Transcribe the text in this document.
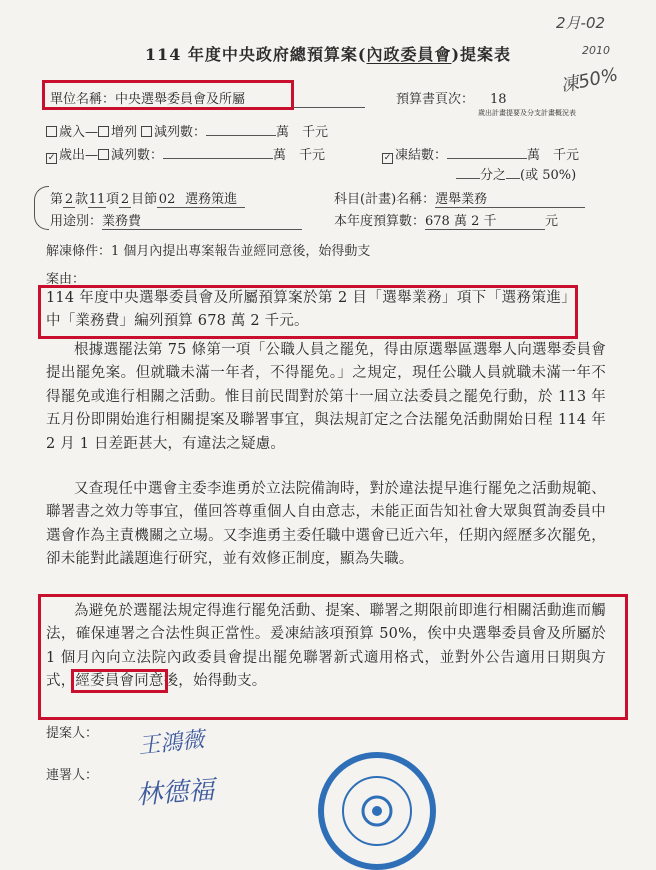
2月-02
2010
凍50%
114 年度中央政府總預算案(內政委員會)提案表
單位名稱：中央選舉委員會及所屬	預算書頁次： 18
歲出計畫提要及分支計畫概況表
歲入— 增列 減列數：	萬　千元
✓ 歲出— 減列數：	萬　千元	✓ 凍結數：	萬　千元
分之 (或 50%)
第 2 款11項 2 目節 02 選務策進	科目(計畫)名稱：選舉業務
用途別：業務費	本年度預算數：678 萬 2 千	元
解凍條件：1 個月內提出專案報告並經同意後，始得動支
案由：
114 年度中央選舉委員會及所屬預算案於第 2 目「選舉業務」項下「選務策進」中「業務費」編列預算 678 萬 2 千元。
根據選罷法第 75 條第一項「公職人員之罷免，得由原選舉區選舉人向選舉委員會提出罷免案。但就職未滿一年者，不得罷免。」之規定，現任公職人員就職未滿一年不得罷免或進行相關之活動。惟目前民間對於第十一屆立法委員之罷免行動，於 113 年五月份即開始進行相關提案及聯署事宜，與法規訂定之合法罷免活動開始日程 114 年 2 月 1 日差距甚大，有違法之疑慮。
又查現任中選會主委李進勇於立法院備詢時，對於違法提早進行罷免之活動規範、聯署書之效力等事宜，僅回答尊重個人自由意志，未能正面告知社會大眾與質詢委員中選會作為主責機關之立場。又李進勇主委任職中選會已近六年，任期內經歷多次罷免，卻未能對此議題進行研究，並有效修正制度，顯為失職。
為避免於選罷法規定得進行罷免活動、提案、聯署之期限前即進行相關活動進而觸法，確保連署之合法性與正當性。爰凍結該項預算 50%，俟中央選舉委員會及所屬於 1 個月內向立法院內政委員會提出罷免聯署新式適用格式，並對外公告適用日期與方式，經委員會同意後，始得動支。
提案人： 王鴻薇
連署人： 林德福
